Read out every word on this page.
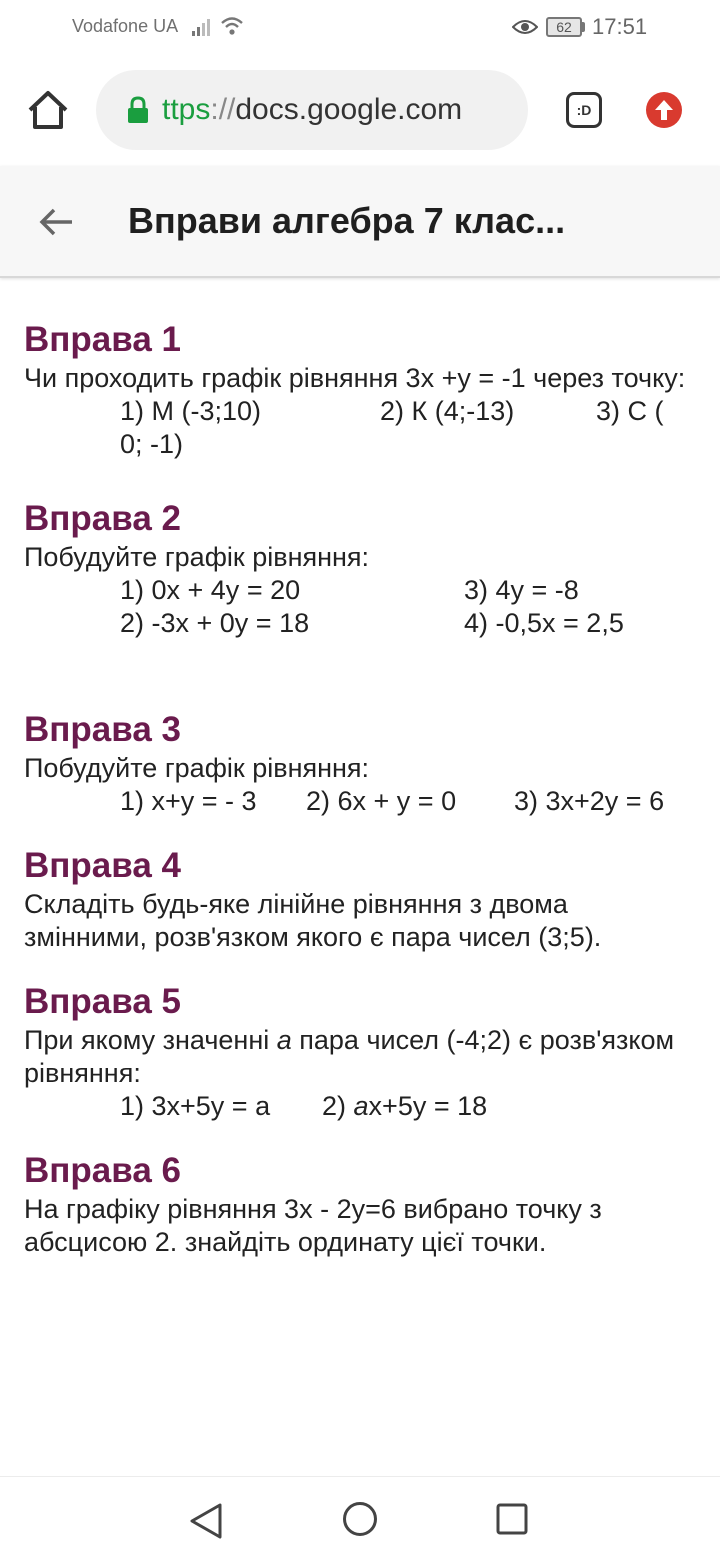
Vodafone UA	62 17:51
ttps://docs.google.com	:D
Вправи алгебра 7 клас...

Вправа 1

Чи проходить графік рівняння 3х +у = -1 через точку:

1) М (-3;10)	2) К (4;-13)	3) С (
0; -1)

Вправа 2

Побудуйте графік рівняння:

1) 0х + 4у = 20	3) 4у = -8
2) -3х + 0у = 18	4) -0,5х = 2,5

Вправа 3

Побудуйте графік рівняння:

1) х+у = - 3 2) 6х + у = 0 3) 3х+2у = 6

Вправа 4

Складіть будь-яке лінійне рівняння з двома змінними, розв'язком якого є пара чисел (3;5).

Вправа 5

При якому значенні а пара чисел (-4;2) є розв'язком рівняння:

1) 3х+5у = а 2) ах+5у = 18

Вправа 6

На графіку рівняння 3х - 2у=6 вибрано точку з абсцисою 2. знайдіть ординату цієї точки.
